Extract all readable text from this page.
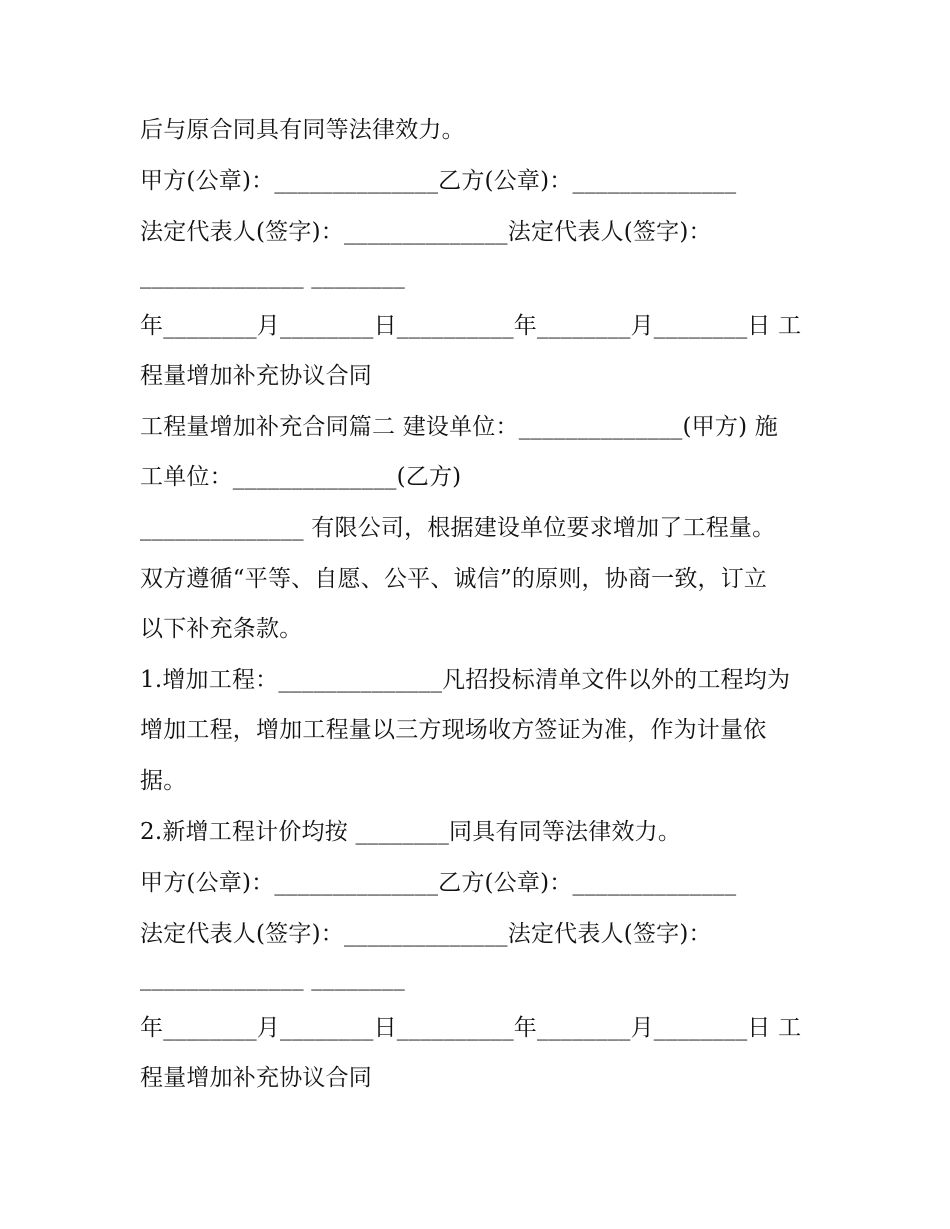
后与原合同具有同等法律效力。
甲方(公章)：______________乙方(公章)：______________
法定代表人(签字)：______________法定代表人(签字)：
______________ ________
年________月________日__________年________月________日 工
程量增加补充协议合同
工程量增加补充合同篇二 建设单位：______________(甲方) 施
工单位：______________(乙方)
______________ 有限公司，根据建设单位要求增加了工程量。
双方遵循“平等、自愿、公平、诚信”的原则，协商一致，订立
以下补充条款。
1.增加工程：______________凡招投标清单文件以外的工程均为
增加工程，增加工程量以三方现场收方签证为准，作为计量依
据。
2.新增工程计价均按 ________同具有同等法律效力。
甲方(公章)：______________乙方(公章)：______________
法定代表人(签字)：______________法定代表人(签字)：
______________ ________
年________月________日__________年________月________日 工
程量增加补充协议合同
